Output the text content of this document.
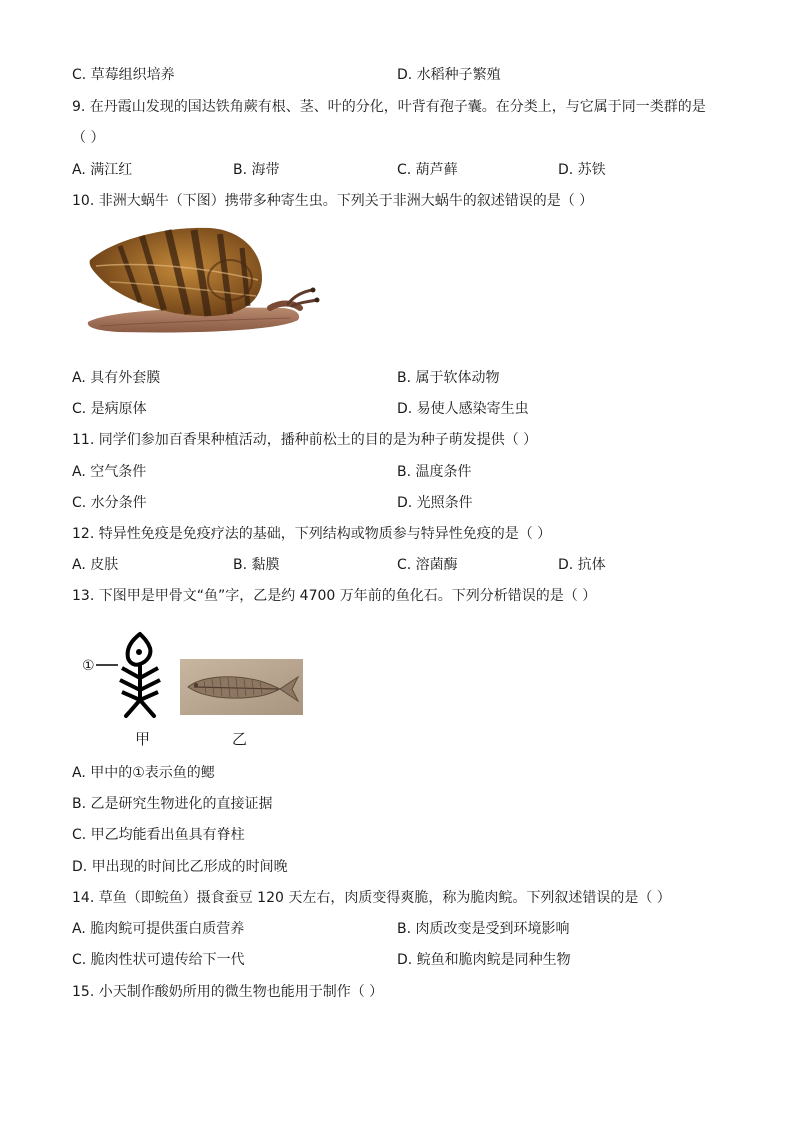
C. 草莓组织培养	D. 水稻种子繁殖
9. 在丹霞山发现的国达铁角蕨有根、茎、叶的分化，叶背有孢子囊。在分类上，与它属于同一类群的是
（ ）
A. 满江红	B. 海带	C. 葫芦藓	D. 苏铁
10. 非洲大蜗牛（下图）携带多种寄生虫。下列关于非洲大蜗牛的叙述错误的是（ ）
A. 具有外套膜	B. 属于软体动物
C. 是病原体	D. 易使人感染寄生虫
11. 同学们参加百香果种植活动，播种前松土的目的是为种子萌发提供（ ）
A. 空气条件	B. 温度条件
C. 水分条件	D. 光照条件
12. 特异性免疫是免疫疗法的基础，下列结构或物质参与特异性免疫的是（ ）
A. 皮肤	B. 黏膜	C. 溶菌酶	D. 抗体
13. 下图甲是甲骨文“鱼”字，乙是约 4700 万年前的鱼化石。下列分析错误的是（ ）
①
甲	乙
A. 甲中的①表示鱼的鳃
B. 乙是研究生物进化的直接证据
C. 甲乙均能看出鱼具有脊柱
D. 甲出现的时间比乙形成的时间晚
14. 草鱼（即鲩鱼）摄食蚕豆 120 天左右，肉质变得爽脆，称为脆肉鲩。下列叙述错误的是（ ）
A. 脆肉鲩可提供蛋白质营养	B. 肉质改变是受到环境影响
C. 脆肉性状可遗传给下一代	D. 鲩鱼和脆肉鲩是同种生物
15. 小天制作酸奶所用的微生物也能用于制作（ ）
